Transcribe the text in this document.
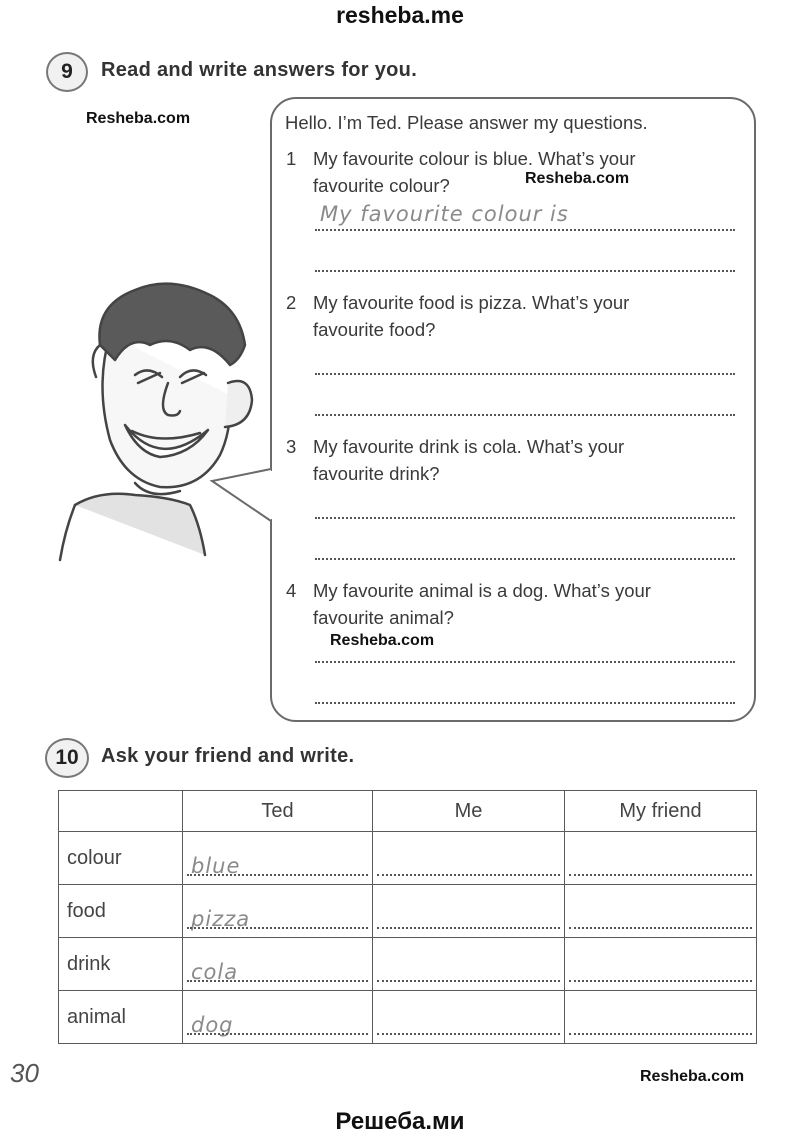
resheba.me
9	Read and write answers for you.
Resheba.com	Hello. I’m Ted. Please answer my questions.
1 My favourite colour is blue. What’s your
favourite colour?	Resheba.com
My favourite colour is
2 My favourite food is pizza. What’s your
favourite food?
3 My favourite drink is cola. What’s your
favourite drink?
4 My favourite animal is a dog. What’s your
favourite animal?
Resheba.com
10	Ask your friend and write.
	Ted	Me	My friend
colour	blue		

food	pizza		

drink	cola		

animal	dog		

30	Resheba.com
Решеба.ми
